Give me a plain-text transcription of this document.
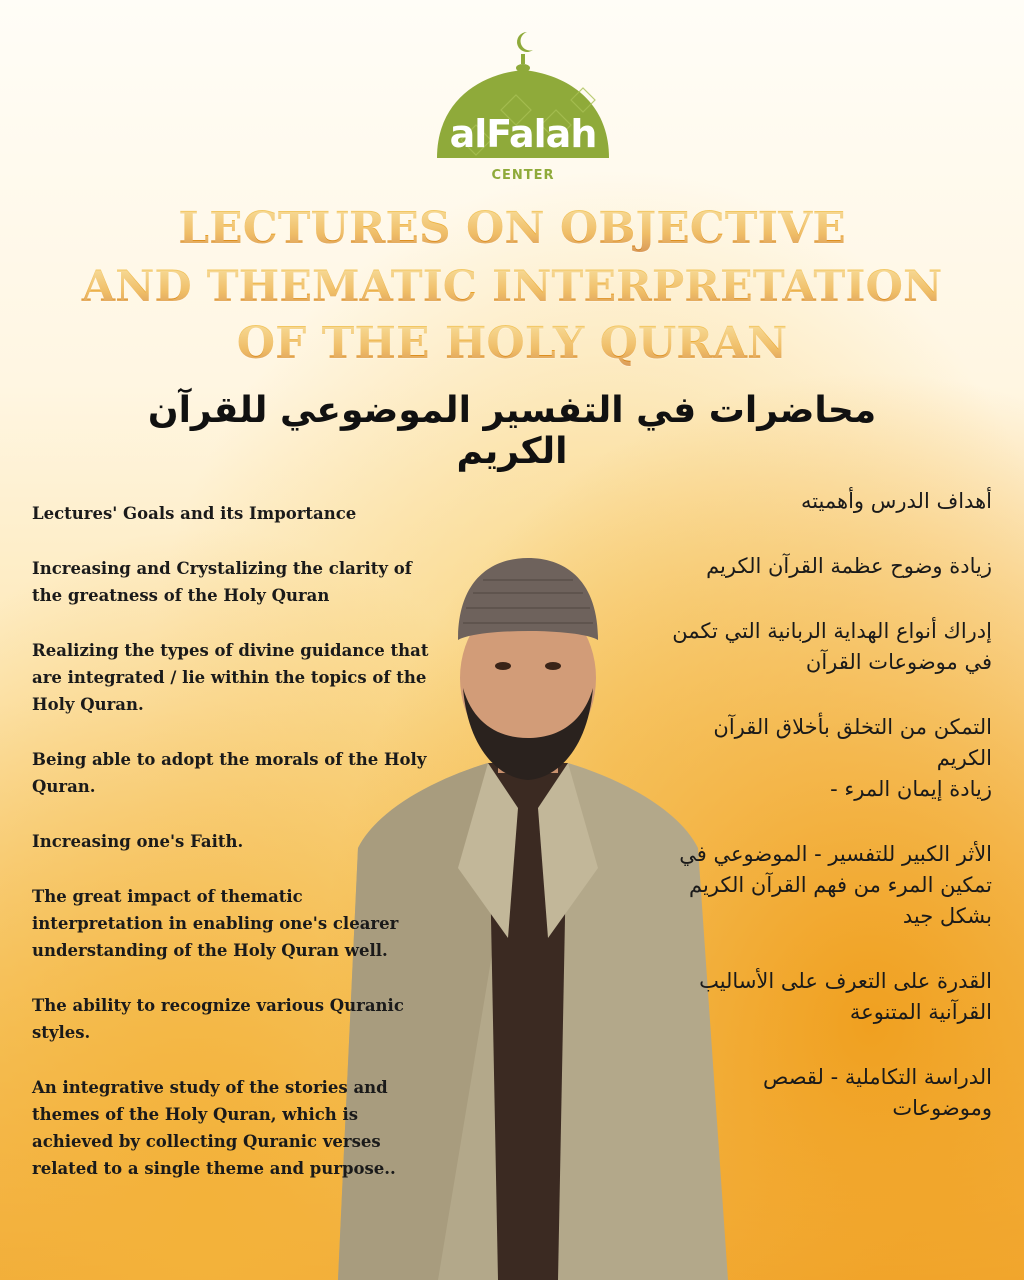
alFalah
CENTER
LECTURES ON OBJECTIVE
AND THEMATIC INTERPRETATION
OF THE HOLY QURAN
محاضرات في التفسير الموضوعي للقرآن الكريم

Lectures' Goals and its Importance

Increasing and Crystalizing the clarity of the greatness of the Holy Quran

Realizing the types of divine guidance that are integrated / lie within the topics of the Holy Quran.

Being able to adopt the morals of the Holy Quran.

Increasing one's Faith.

The great impact of thematic interpretation in enabling one's clearer understanding of the Holy Quran well.

The ability to recognize various Quranic styles.

An integrative study of the stories and themes of the Holy Quran, which is achieved by collecting Quranic verses related to a single theme and purpose..

أهداف الدرس وأهميته

زيادة وضوح عظمة القرآن الكريم

إدراك أنواع الهداية الربانية التي تكمن في موضوعات القرآن

التمكن من التخلق بأخلاق القرآن الكريم

زيادة إيمان المرء -

الأثر الكبير للتفسير - الموضوعي في تمكين المرء من فهم القرآن الكريم بشكل جيد

القدرة على التعرف على الأساليب القرآنية المتنوعة

الدراسة التكاملية - لقصص وموضوعات
